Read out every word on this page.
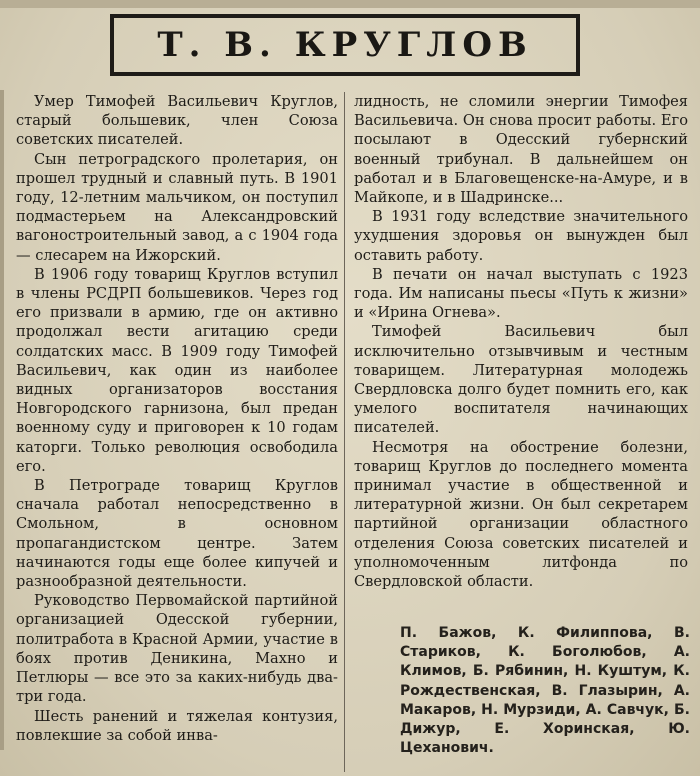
Т. В. КРУГЛОВ

Умер Тимофей Васильевич Круглов, старый большевик, член Союза советских писателей.

Сын петроградского пролетария, он прошел трудный и славный путь. В 1901 году, 12-летним мальчиком, он поступил подмастерьем на Александровский вагоностроительный завод, а с 1904 года — слесарем на Ижорский.

В 1906 году товарищ Круглов вступил в члены РСДРП большевиков. Через год его призвали в армию, где он активно продолжал вести агитацию среди солдатских масс. В 1909 году Тимофей Васильевич, как один из наиболее видных организаторов восстания Новгородского гарнизона, был предан военному суду и приговорен к 10 годам каторги. Только революция освободила его.

В Петрограде товарищ Круглов сначала работал непосредственно в Смольном, в основном пропагандистском центре. Затем начинаются годы еще более кипучей и разнообразной деятельности.

Руководство Первомайской партийной организацией Одесской губернии, политработа в Красной Армии, участие в боях против Деникина, Махно и Петлюры — все это за каких-нибудь два-три года.

Шесть ранений и тяжелая контузия, повлекшие за собой инва-

лидность, не сломили энергии Тимофея Васильевича. Он снова просит работы. Его посылают в Одесский губернский военный трибунал. В дальнейшем он работал и в Благовещенске-на-Амуре, и в Майкопе, и в Шадринске...

В 1931 году вследствие значительного ухудшения здоровья он вынужден был оставить работу.

В печати он начал выступать с 1923 года. Им написаны пьесы «Путь к жизни» и «Ирина Огнева».

Тимофей Васильевич был исключительно отзывчивым и честным товарищем. Литературная молодежь Свердловска долго будет помнить его, как умелого воспитателя начинающих писателей.

Несмотря на обострение болезни, товарищ Круглов до последнего момента принимал участие в общественной и литературной жизни. Он был секретарем партийной организации областного отделения Союза советских писателей и уполномоченным литфонда по Свердловской области.

П. Бажов, К. Филиппова, В. Стариков, К. Боголюбов, А. Климов, Б. Рябинин, Н. Куштум, К. Рождественская, В. Глазырин, А. Макаров, Н. Мурзиди, А. Савчук, Б. Дижур, Е. Хоринская, Ю. Цеханович.
